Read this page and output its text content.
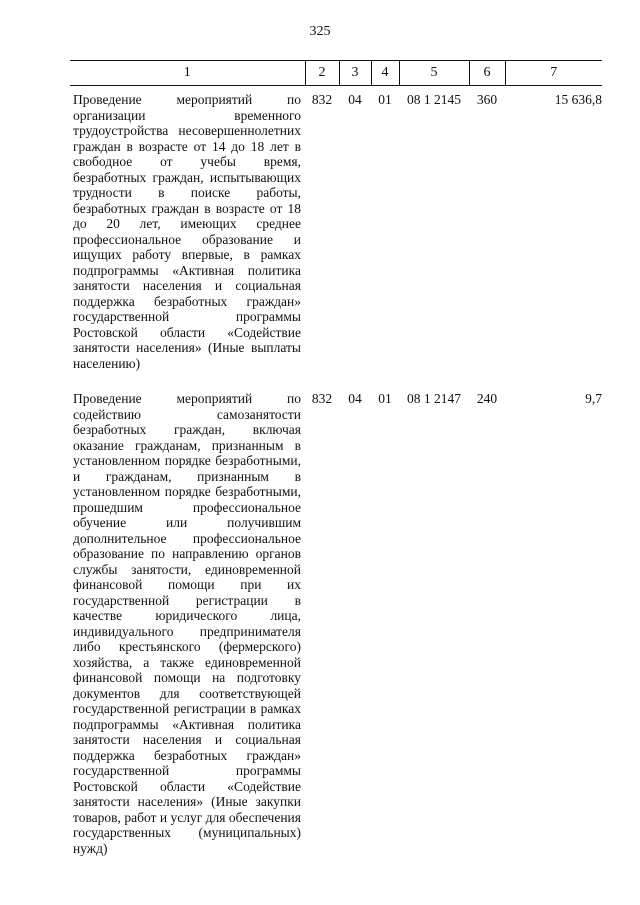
325
1	2	3	4	5	6	7
Проведение мероприятий по организации временного трудоустройства несовершеннолетних граждан в возрасте от 14 до 18 лет в свободное от учебы время, безработных граждан, испытывающих трудности в поиске работы, безработных граждан в возрасте от 18 до 20 лет, имеющих среднее профессиональное образование и ищущих работу впервые, в рамках подпрограммы «Активная политика занятости населения и социальная поддержка безработных граждан» государственной программы Ростовской области «Содействие занятости населения» (Иные выплаты населению)	832	04	01	08 1 2145	360	15 636,8
Проведение мероприятий по содействию самозанятости безработных граждан, включая оказание гражданам, признанным в установленном порядке безработными, и гражданам, признанным в установленном порядке безработными, прошедшим профессиональное обучение или получившим дополнительное профессиональное образование по направлению органов службы занятости, единовременной финансовой помощи при их государственной регистрации в качестве юридического лица, индивидуального предпринимателя либо крестьянского (фермерского) хозяйства, а также единовременной финансовой помощи на подготовку документов для соответствующей государственной регистрации в рамках подпрограммы «Активная политика занятости населения и социальная поддержка безработных граждан» государственной программы Ростовской области «Содействие занятости населения» (Иные закупки товаров, работ и услуг для обеспечения государственных (муниципальных) нужд)	832	04	01	08 1 2147	240	9,7
